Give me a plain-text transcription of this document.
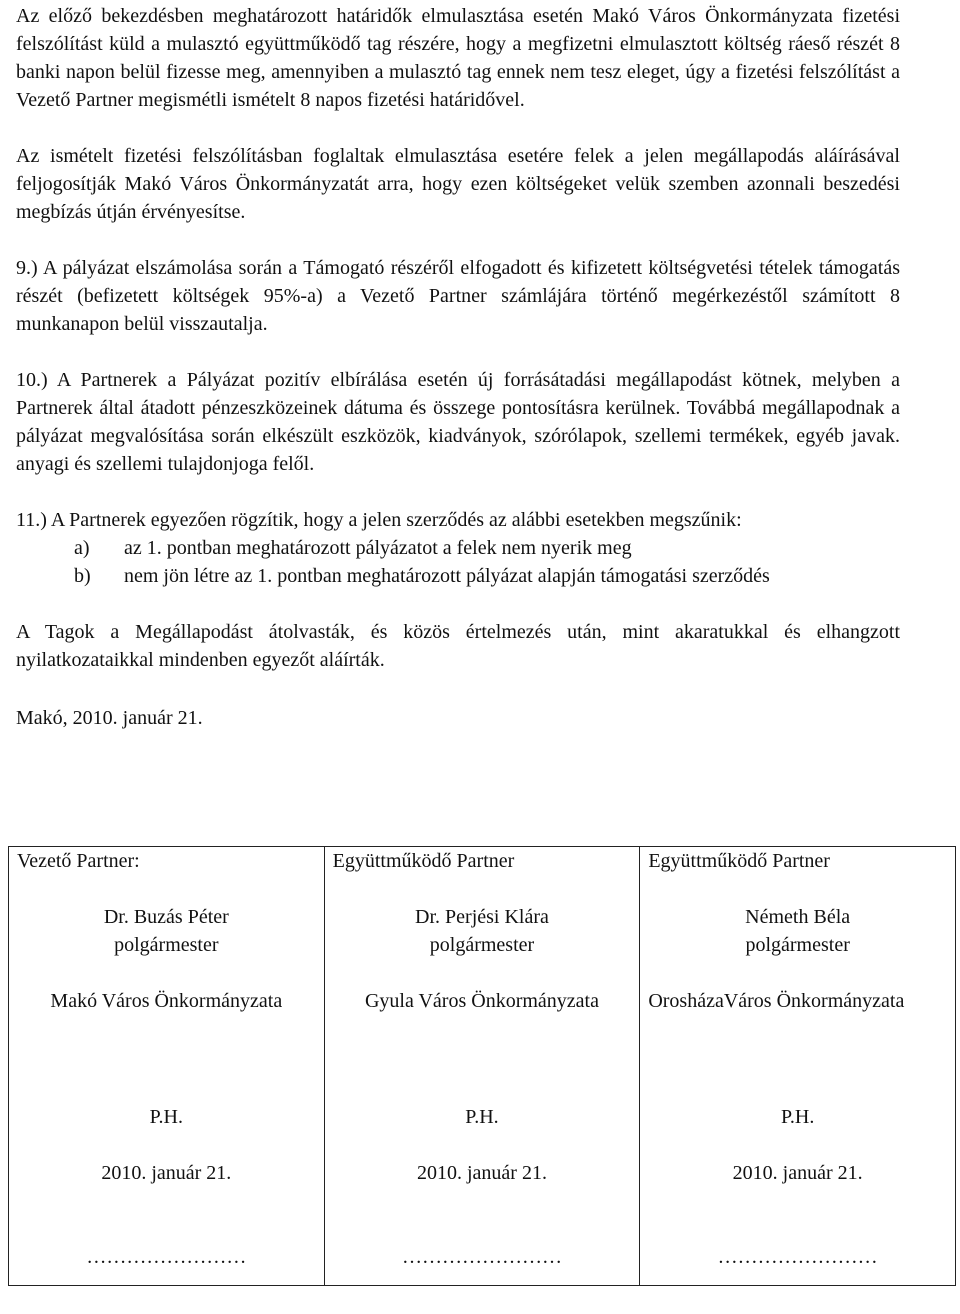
Az előző bekezdésben meghatározott határidők elmulasztása esetén Makó Város Önkormányzata fizetési felszólítást küld a mulasztó együttműködő tag részére, hogy a megfizetni elmulasztott költség ráeső részét 8 banki napon belül fizesse meg, amennyiben a mulasztó tag ennek nem tesz eleget, úgy a fizetési felszólítást a Vezető Partner megismétli ismételt 8 napos fizetési határidővel.

Az ismételt fizetési felszólításban foglaltak elmulasztása esetére felek a jelen megállapodás aláírásával feljogosítják Makó Város Önkormányzatát arra, hogy ezen költségeket velük szemben azonnali beszedési megbízás útján érvényesítse.

9.) A pályázat elszámolása során a Támogató részéről elfogadott és kifizetett költségvetési tételek támogatás részét (befizetett költségek 95%-a) a Vezető Partner számlájára történő megérkezéstől számított 8 munkanapon belül visszautalja.

10.) A Partnerek a Pályázat pozitív elbírálása esetén új forrásátadási megállapodást kötnek, melyben a Partnerek által átadott pénzeszközeinek dátuma és összege pontosításra kerülnek. Továbbá megállapodnak a pályázat megvalósítása során elkészült eszközök, kiadványok, szórólapok, szellemi termékek, egyéb javak. anyagi és szellemi tulajdonjoga felől.

11.) A Partnerek egyezően rögzítik, hogy a jelen szerződés az alábbi esetekben megszűnik:

a)	az 1. pontban meghatározott pályázatot a felek nem nyerik meg
b)	nem jön létre az 1. pontban meghatározott pályázat alapján támogatási szerződés

A Tagok a Megállapodást átolvasták, és közös értelmezés után, mint akaratukkal és elhangzott nyilatkozataikkal mindenben egyezőt aláírták.

Makó, 2010. január 21.

Vezető Partner:
Dr. Buzás Péter
polgármester
Makó Város Önkormányzata
P.H.
2010. január 21.
……………………

Együttműködő Partner
Dr. Perjési Klára
polgármester
Gyula Város Önkormányzata
P.H.
2010. január 21.
……………………

Együttműködő Partner
Németh Béla
polgármester
OrosházaVáros Önkormányzata
P.H.
2010. január 21.
……………………
